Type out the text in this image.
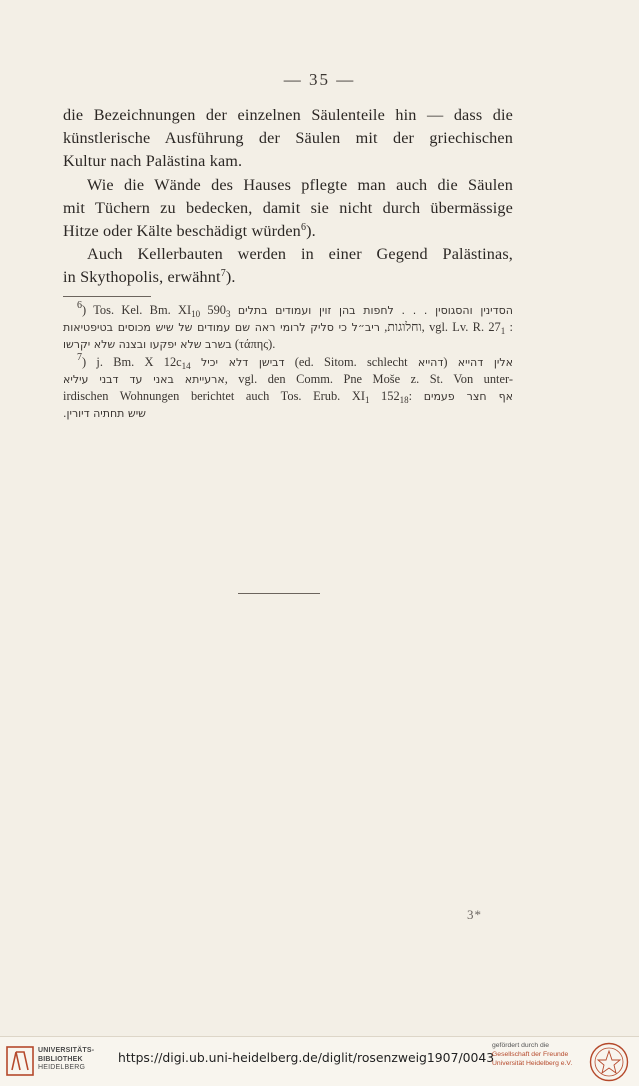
— 35 —
die Bezeichnungen der einzelnen Säulenteile hin — dass die
künstlerische Ausführung der Säulen mit der griechischen
Kultur nach Palästina kam.
Wie die Wände des Hauses pflegte man auch die Säulen
mit Tüchern zu bedecken, damit sie nicht durch übermässige
Hitze oder Kälte beschädigt würden$^6$).
Auch Kellerbauten werden in einer Gegend Palästinas,
in Skythopolis, erwähnt$^7$).
$^6$) Tos. Kel. Bm. $XI_{10}$ $590_3$ הסדינין והסגוסין . . . לחפות בהן זוין ועמודים בתלים
ריב״ל כי סליק לרומי ראה שם עמודים של שיש מכוסים בטיפטיאות ,וחלוגות, vgl. Lv. R. $27_1$ :
בשרב שלא יפקעו ובצנה שלא יקרשו (τάπης).
$^7$) j. Bm. X $12c_{14}$ דבישן דלא יכיל (ed. Sitom. schlecht דהייא) אלין דהייא
ארעייתא באני עד דבני עיליא, vgl. den Comm. Pne Moše z. St. Von unter-
irdischen Wohnungen berichtet auch Tos. Erub. $XI_1$ $152_{18}$: אף חצר פעמים
שיש תחתיה דיורין.
3*
UNIVERSITÄTS-
BIBLIOTHEK
HEIDELBERG
https://digi.ub.uni-heidelberg.de/diglit/rosenzweig1907/0043
gefördert durch die
Gesellschaft der Freunde
Universität Heidelberg e.V.
